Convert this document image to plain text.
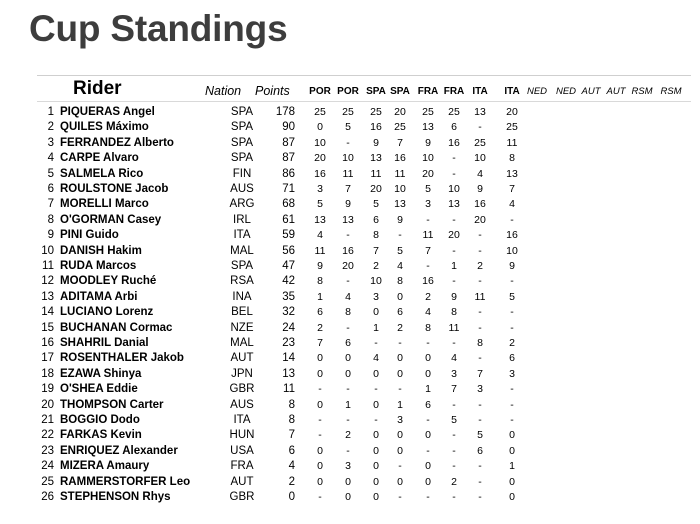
Cup Standings
Rider	Nation Points POR POR SPA SPA FRA FRA ITA ITA NED NED AUT AUT RSM RSM
1 PIQUERAS Angel	SPA 178 25 25 25 20 25 25 13 20
2 QUILES Máximo	SPA	90 0 5 16 25 13 6 - 25
3 FERRANDEZ Alberto	SPA	87 10 - 9 7 9 16 25 11
4 CARPE Alvaro	SPA	87 20 10 13 16 10 - 10 8
5 SALMELA Rico	FIN	86 16 11 11 11 20 - 4 13
6 ROULSTONE Jacob	AUS 71 3 7 20 10 5 10 9 7
7 MORELLI Marco	ARG 68 5 9 5 13 3 13 16 4
8 O'GORMAN Casey	IRL	61 13 13 6 9 - - 20 -
9 PINI Guido	ITA	59 4 - 8 - 11 20 - 16
10 DANISH Hakim	MAL 56 11 16 7 5 7 - - 10
11 RUDA Marcos	SPA	47 9 20 2 4 - 1 2 9
12 MOODLEY Ruché	RSA 42 8 - 10 8 16 - -	-
13 ADITAMA Arbi	INA	35 1 4 3 0 2 9 11 5
14 LUCIANO Lorenz	BEL	32 6 8 0 6 4 8 -	-
15 BUCHANAN Cormac	NZE 24 2 - 1 2 8 11 -	-
16 SHAHRIL Danial	MAL 23 7 6 - - - - 8 2
17 ROSENTHALER Jakob	AUT 14 0 0 4 0 0 4 -	6
18 EZAWA Shinya	JPN	13 0 0 0 0 0 3 7 3
19 O'SHEA Eddie	GBR 11 - - - - 1 7 3	-
20 THOMPSON Carter	AUS	8 0 1 0 1 6 - -	-
21 BOGGIO Dodo	ITA	8 - - - 3 - 5 -	-
22 FARKAS Kevin	HUN	7 - 2 0 0 0 - 5 0
23 ENRIQUEZ Alexander	USA	6 0 - 0 0 - - 6 0
24 MIZERA Amaury	FRA	4 0 3 0 - 0 - -	1
25 RAMMERSTORFER Leo	AUT	2 0 0 0 0 0 2 -	0
26 STEPHENSON Rhys	GBR	0 - 0 0 - - - -	0
